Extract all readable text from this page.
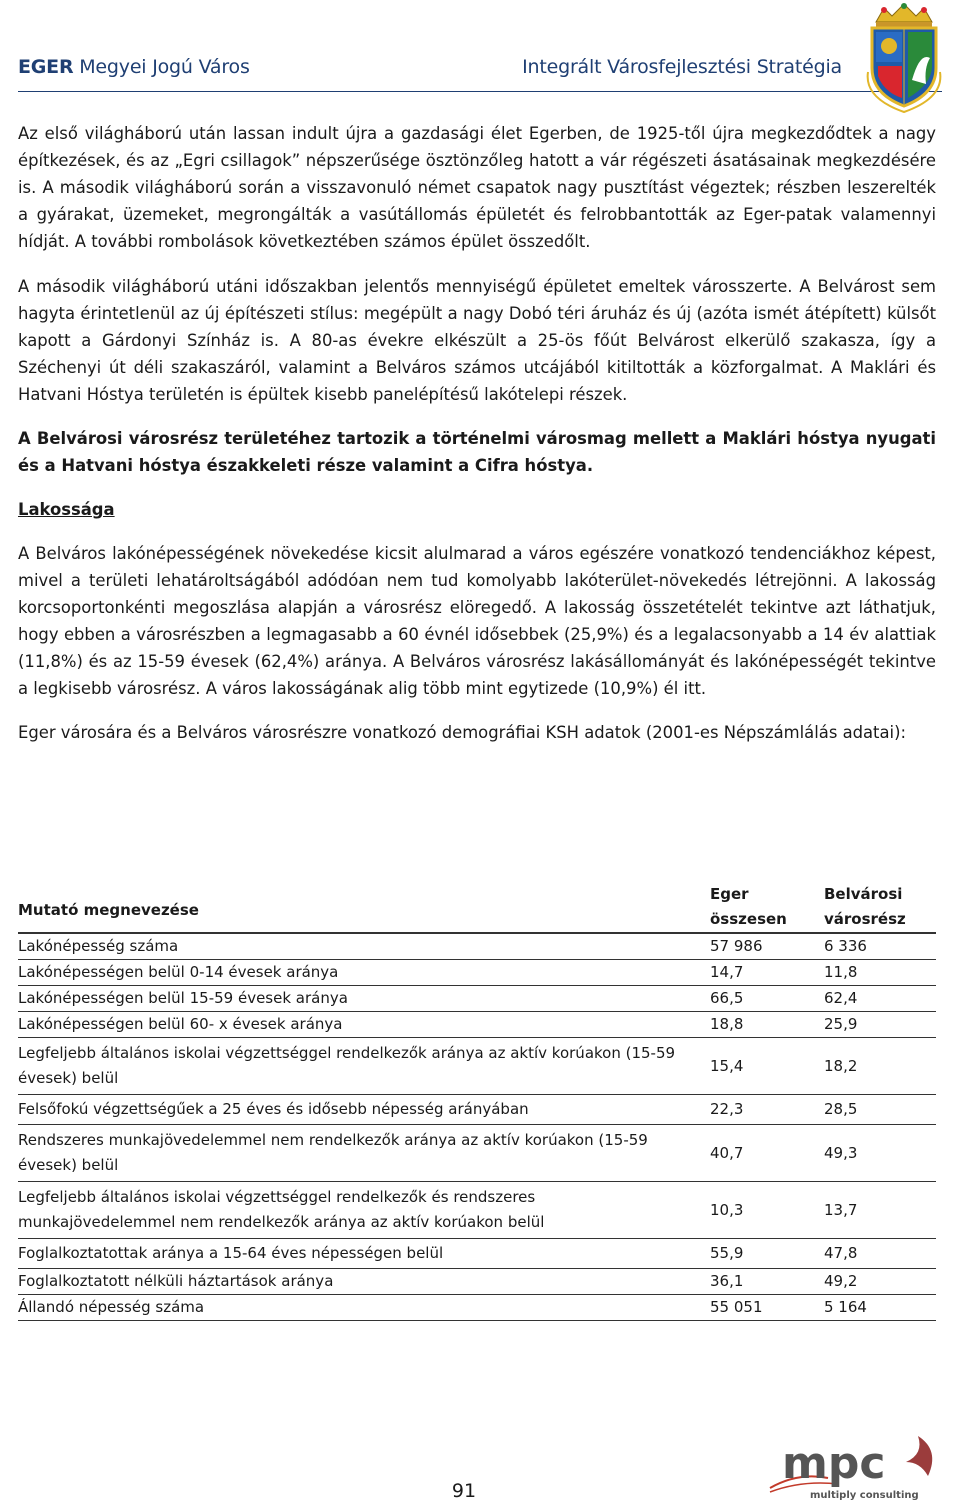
EGER Megyei Jogú Város	Integrált Városfejlesztési Stratégia

Az első világháború után lassan indult újra a gazdasági élet Egerben, de 1925-től újra megkezdődtek a nagy építkezések, és az „Egri csillagok” népszerűsége ösztönzőleg hatott a vár régészeti ásatásainak megkezdésére is. A második világháború során a visszavonuló német csapatok nagy pusztítást végeztek; részben leszerelték a gyárakat, üzemeket, megrongálták a vasútállomás épületét és felrobbantották az Eger-patak valamennyi hídját. A további rombolások következtében számos épület összedőlt.

A második világháború utáni időszakban jelentős mennyiségű épületet emeltek városszerte. A Belvárost sem hagyta érintetlenül az új építészeti stílus: megépült a nagy Dobó téri áruház és új (azóta ismét átépített) külsőt kapott a Gárdonyi Színház is. A 80-as évekre elkészült a 25-ös főút Belvárost elkerülő szakasza, így a Széchenyi út déli szakaszáról, valamint a Belváros számos utcájából kitiltották a közforgalmat. A Maklári és Hatvani Hóstya területén is épültek kisebb panelépítésű lakótelepi részek.

A Belvárosi városrész területéhez tartozik a történelmi városmag mellett a Maklári hóstya nyugati és a Hatvani hóstya északkeleti része valamint a Cifra hóstya.

Lakossága

A Belváros lakónépességének növekedése kicsit alulmarad a város egészére vonatkozó tendenciákhoz képest, mivel a területi lehatároltságából adódóan nem tud komolyabb lakóterület-növekedés létrejönni. A lakosság korcsoportonkénti megoszlása alapján a városrész elöregedő. A lakosság összetételét tekintve azt láthatjuk, hogy ebben a városrészben a legmagasabb a 60 évnél idősebbek (25,9%) és a legalacsonyabb a 14 év alattiak (11,8%) és az 15-59 évesek (62,4%) aránya. A Belváros városrész lakásállományát és lakónépességét tekintve a legkisebb városrész. A város lakosságának alig több mint egytizede (10,9%) él itt.

Eger városára és a Belváros városrészre vonatkozó demográfiai KSH adatok (2001-es Népszámlálás adatai):

Mutató megnevezése	Eger összesen	Belvárosi városrész
Lakónépesség száma	57 986	6 336
Lakónépességen belül 0-14 évesek aránya	14,7	11,8
Lakónépességen belül 15-59 évesek aránya	66,5	62,4
Lakónépességen belül 60- x évesek aránya	18,8	25,9
Legfeljebb általános iskolai végzettséggel rendelkezők aránya az aktív korúakon (15-59 évesek) belül	15,4	18,2
Felsőfokú végzettségűek a 25 éves és idősebb népesség arányában	22,3	28,5
Rendszeres munkajövedelemmel nem rendelkezők aránya az aktív korúakon (15-59 évesek) belül	40,7	49,3
Legfeljebb általános iskolai végzettséggel rendelkezők és rendszeres munkajövedelemmel nem rendelkezők aránya az aktív korúakon belül	10,3	13,7
Foglalkoztatottak aránya a 15-64 éves népességen belül	55,9	47,8
Foglalkoztatott nélküli háztartások aránya	36,1	49,2
Állandó népesség száma	55 051	5 164
mpc
multiply consulting
91
